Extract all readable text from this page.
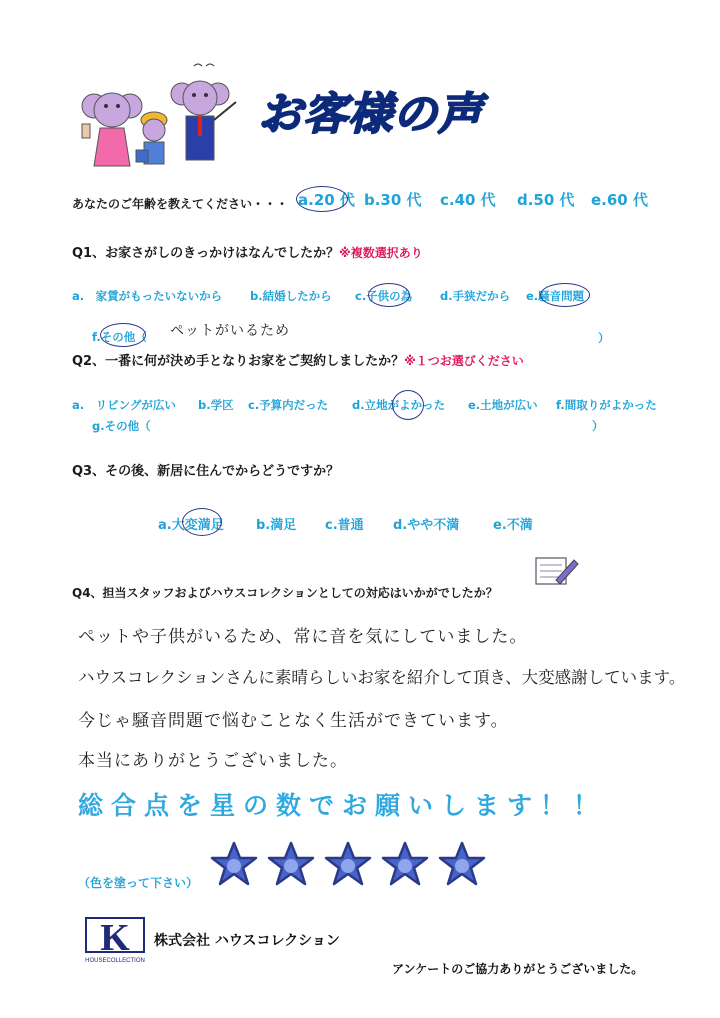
お客様の声
あなたのご年齢を教えてください・・・ a.20 代 b.30 代 c.40 代 d.50 代 e.60 代
Q1、お家さがしのきっかけはなんでしたか？※複数選択あり
a.　家賃がもったいないから b.結婚したから c.子供の為 d.手狭だから e.騒音問題
f.その他（ ペットがいるため	）
Q2、一番に何が決め手となりお家をご契約しましたか？※１つお選びください
a.　リビングが広い b.学区 c.予算内だった d.立地がよかった e.土地が広い f.間取りがよかった
g.その他（	）
Q3、その後、新居に住んでからどうですか？
a.大変満足 b.満足 c.普通 d.やや不満	e.不満
Q4、担当スタッフおよびハウスコレクションとしての対応はいかがでしたか？
ペットや子供がいるため、常に音を気にしていました。
ハウスコレクションさんに素晴らしいお家を紹介して頂き、大変感謝しています。
今じゃ騒音問題で悩むことなく生活ができています。
本当にありがとうございました。
総合点を星の数でお願いします！！
（色を塗って下さい）
K
HOUSECOLLECTION
株式会社 ハウスコレクション
アンケートのご協力ありがとうございました。
